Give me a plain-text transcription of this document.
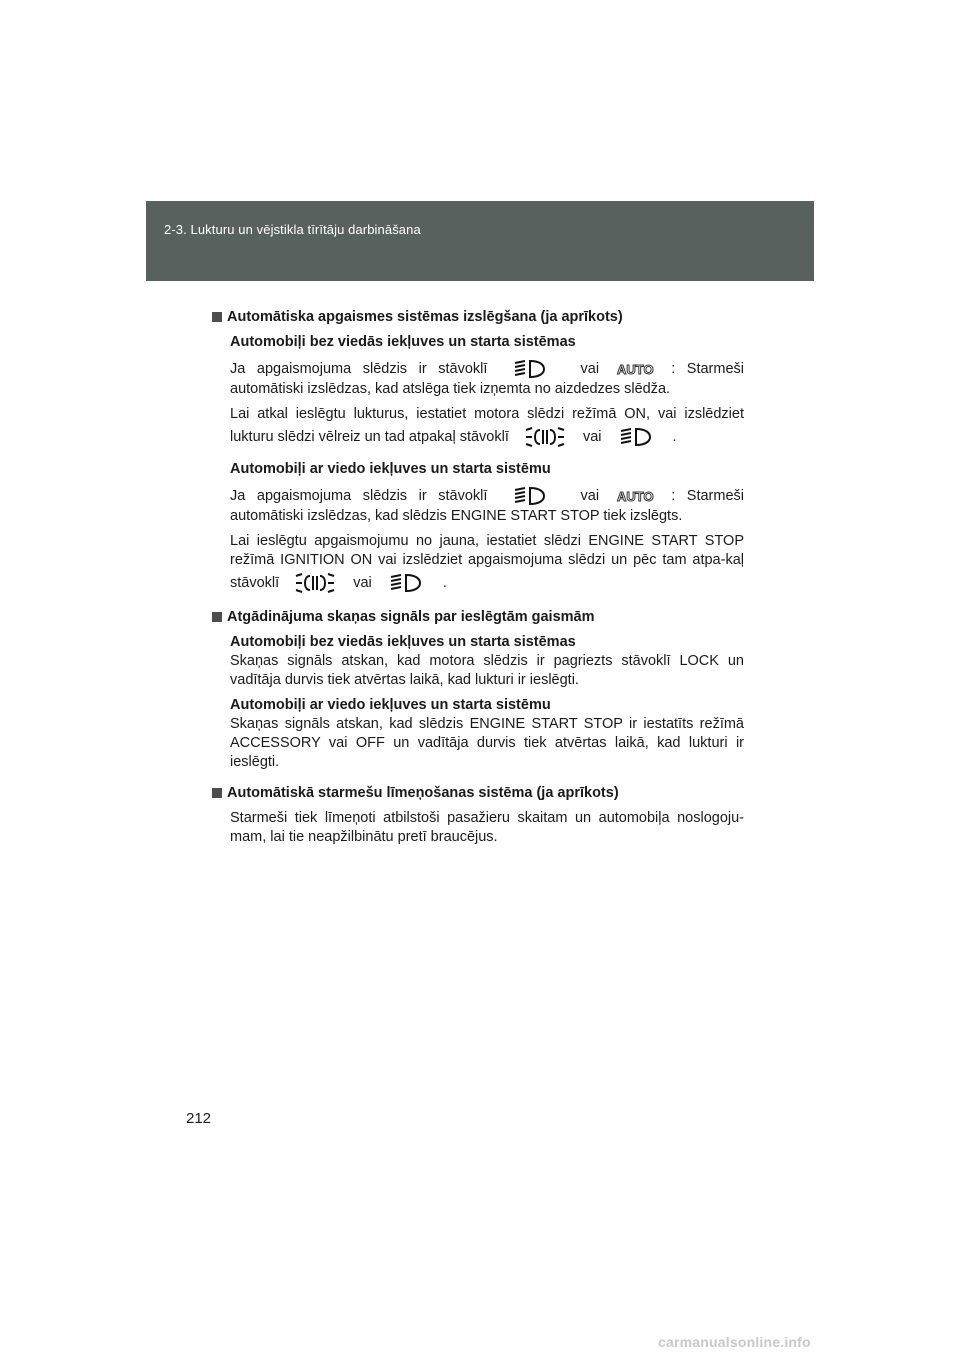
2-3. Lukturu un vējstikla tīrītāju darbināšana
Automātiska apgaismes sistēmas izslēgšana (ja aprīkots)
Automobiļi bez viedās iekļuves un starta sistēmas
Ja apgaismojuma slēdzis ir stāvoklī	vai AUTO : Starmeši automātiski izslēdzas, kad atslēga tiek izņemta no aizdedzes slēdža.
Lai atkal ieslēgtu lukturus, iestatiet motora slēdzi režīmā ON, vai izslēdziet lukturu slēdzi vēlreiz un tad atpakaļ stāvoklī	vai	.
Automobiļi ar viedo iekļuves un starta sistēmu
Ja apgaismojuma slēdzis ir stāvoklī	vai AUTO : Starmeši automātiski izslēdzas, kad slēdzis ENGINE START STOP tiek izslēgts.
Lai ieslēgtu apgaismojumu no jauna, iestatiet slēdzi ENGINE START STOP režīmā IGNITION ON vai izslēdziet apgaismojuma slēdzi un pēc tam atpa-kaļ stāvoklī	vai	.
Atgādinājuma skaņas signāls par ieslēgtām gaismām
Automobiļi bez viedās iekļuves un starta sistēmas
Skaņas signāls atskan, kad motora slēdzis ir pagriezts stāvoklī LOCK un vadītāja durvis tiek atvērtas laikā, kad lukturi ir ieslēgti.
Automobiļi ar viedo iekļuves un starta sistēmu
Skaņas signāls atskan, kad slēdzis ENGINE START STOP ir iestatīts režīmā ACCESSORY vai OFF un vadītāja durvis tiek atvērtas laikā, kad lukturi ir ieslēgti.
Automātiskā starmešu līmeņošanas sistēma (ja aprīkots)
Starmeši tiek līmeņoti atbilstoši pasažieru skaitam un automobiļa noslogoju-mam, lai tie neapžilbinātu pretī braucējus.
212
carmanualsonline.info
